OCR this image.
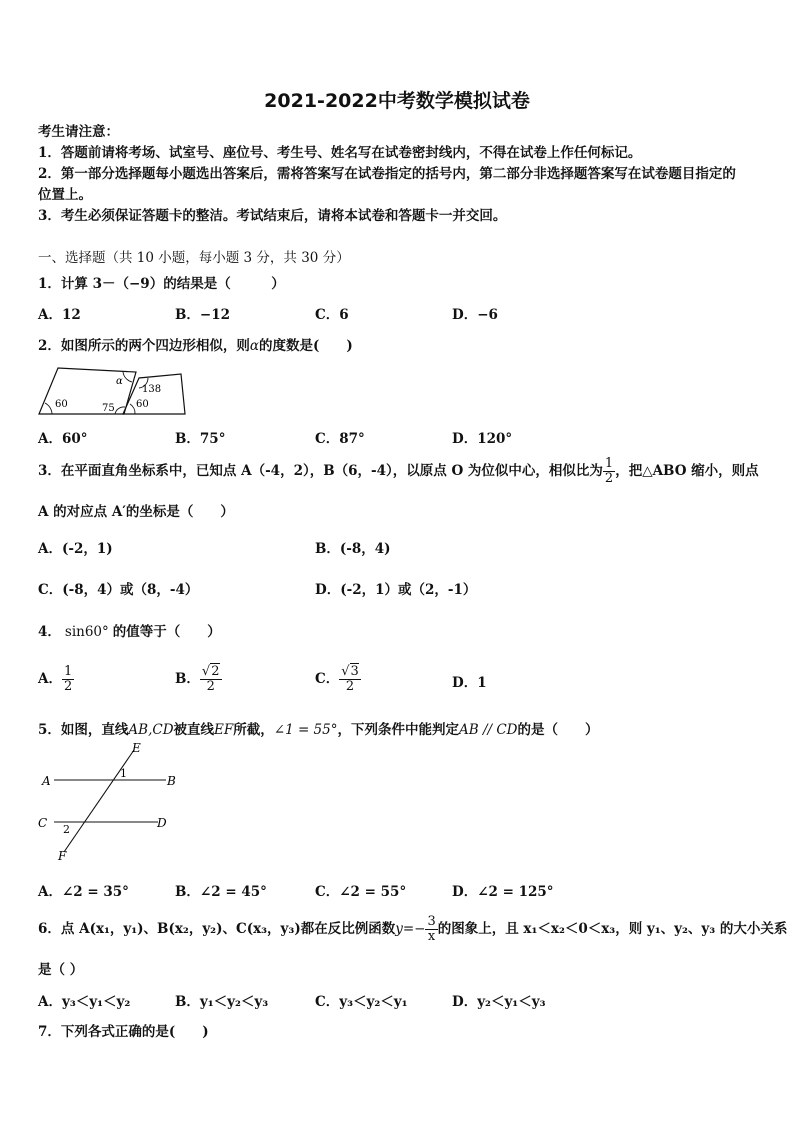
2021-2022中考数学模拟试卷
考生请注意：
1．答题前请将考场、试室号、座位号、考生号、姓名写在试卷密封线内，不得在试卷上作任何标记。
2．第一部分选择题每小题选出答案后，需将答案写在试卷指定的括号内，第二部分非选择题答案写在试卷题目指定的
位置上。
3．考生必须保证答题卡的整洁。考试结束后，请将本试卷和答题卡一并交回。
一、选择题（共 10 小题，每小题 3 分，共 30 分）
1．计算 3－（−9）的结果是（　　　）
A．12	B．−12	C．6	D．−6
2．如图所示的两个四边形相似，则α的度数是(　　)
60	75
α
138
60
A．60°	B．75°	C．87°	D．120°
3．在平面直角坐标系中，已知点 A（-4，2），B（6，-4），以原点 O 为位似中心，相似比为 $\frac{1}{2}$ ，把△ABO 缩小，则点
A 的对应点 A′的坐标是（　　）
A．(-2，1)	B．(-8，4)
C．(-8，4）或（8，-4）	D．(-2，1）或（2，-1）
4． sin60° 的值等于（　　）
A． $\frac{1}{2}$	B． $\frac{√2}{2}$	C． $\frac{√3}{2}$	D．1
5．如图，直线AB,CD被直线EF所截，∠1 = 55°，下列条件中能判定AB // CD的是（　　）
E
A	B
C	D
F
1
2
A．∠2 = 35°	B．∠2 = 45°	C．∠2 = 55°	D．∠2 = 125°
6．点 A(x₁，y₁)、B(x₂，y₂)、C(x₃，y₃)都在反比例函数$y=- \frac{3}{x}$ 的图象上，且 x₁＜x₂＜0＜x₃，则 y₁、y₂、y₃ 的大小关系
是（ ）
A．y₃＜y₁＜y₂	B．y₁＜y₂＜y₃	C．y₃＜y₂＜y₁	D．y₂＜y₁＜y₃
7．下列各式正确的是(　　)
